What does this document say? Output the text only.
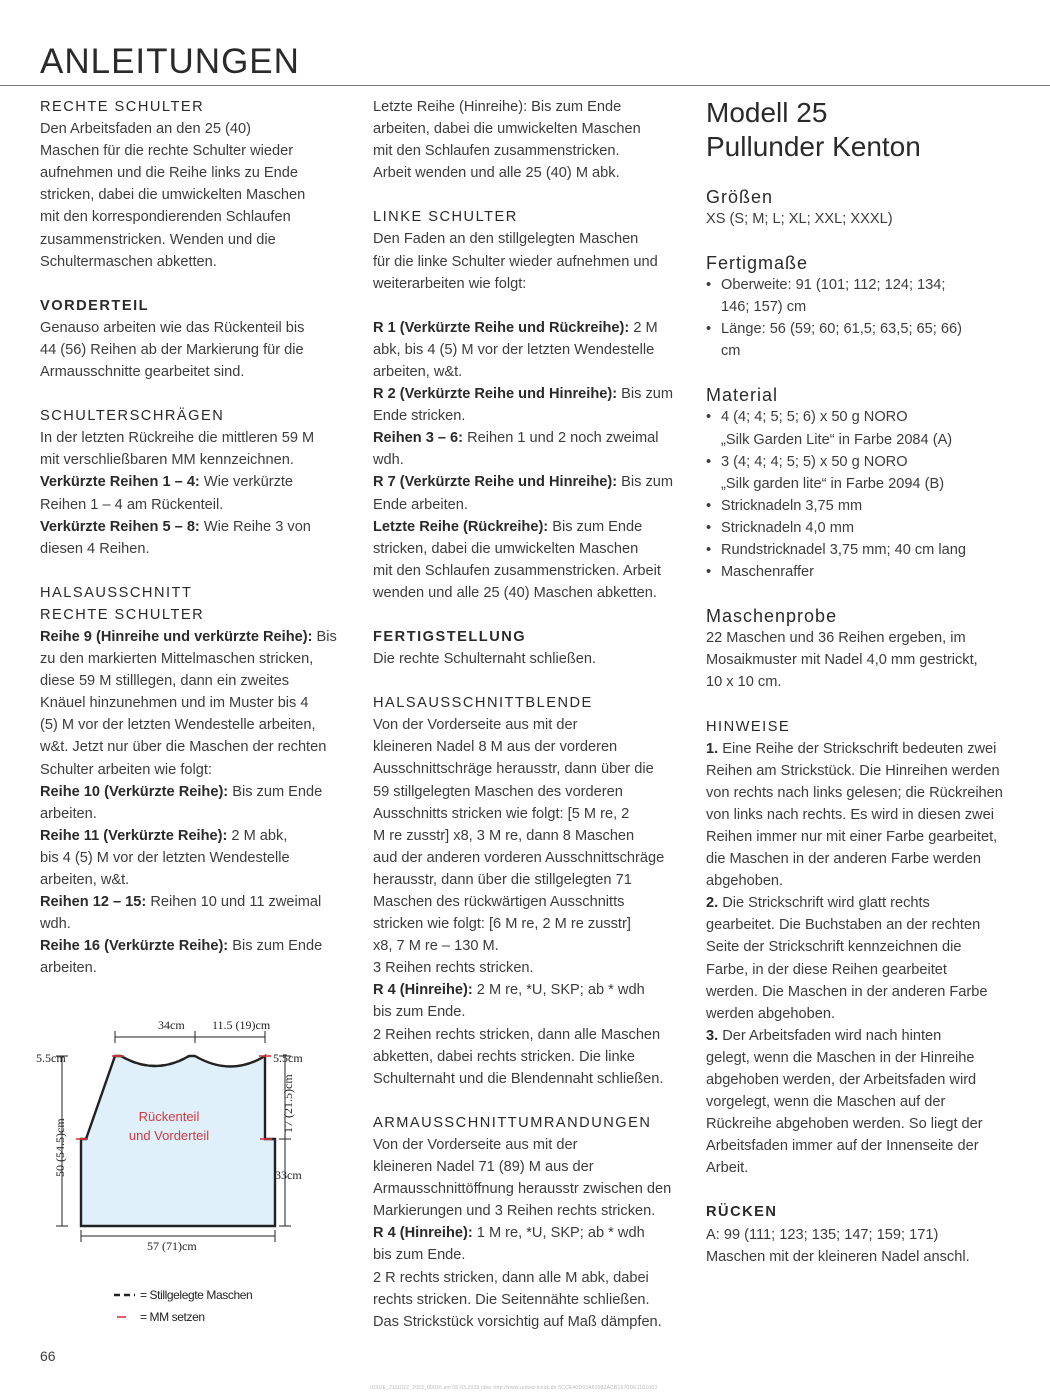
ANLEITUNGEN

RECHTE SCHULTER

Den Arbeitsfaden an den 25 (40)
Maschen für die rechte Schulter wieder
aufnehmen und die Reihe links zu Ende
stricken, dabei die umwickelten Maschen
mit den korrespondierenden Schlaufen
zusammenstricken. Wenden und die
Schultermaschen abketten.

VORDERTEIL

Genauso arbeiten wie das Rückenteil bis
44 (56) Reihen ab der Markierung für die
Armausschnitte gearbeitet sind.

SCHULTERSCHRÄGEN

In der letzten Rückreihe die mittleren 59 M
mit verschließbaren MM kennzeichnen.
Verkürzte Reihen 1 – 4: Wie verkürzte
Reihen 1 – 4 am Rückenteil.
Verkürzte Reihen 5 – 8: Wie Reihe 3 von
diesen 4 Reihen.

HALSAUSSCHNITT

RECHTE SCHULTER

Reihe 9 (Hinreihe und verkürzte Reihe): Bis
zu den markierten Mittelmaschen stricken,
diese 59 M stilllegen, dann ein zweites
Knäuel hinzunehmen und im Muster bis 4
(5) M vor der letzten Wendestelle arbeiten,
w&t. Jetzt nur über die Maschen der rechten
Schulter arbeiten wie folgt:
Reihe 10 (Verkürzte Reihe): Bis zum Ende
arbeiten.
Reihe 11 (Verkürzte Reihe): 2 M abk,
bis 4 (5) M vor der letzten Wendestelle
arbeiten, w&t.
Reihen 12 – 15: Reihen 10 und 11 zweimal
wdh.
Reihe 16 (Verkürzte Reihe): Bis zum Ende
arbeiten.

34cm 11.5 (19)cm
5.5cm	5.5cm
17 (21.5)cm
33cm
50 (54.5)cm
57 (71)cm
Rückenteil
und Vorderteil
= Stillgelegte Maschen
= MM setzen

Letzte Reihe (Hinreihe): Bis zum Ende
arbeiten, dabei die umwickelten Maschen
mit den Schlaufen zusammenstricken.
Arbeit wenden und alle 25 (40) M abk.

LINKE SCHULTER

Den Faden an den stillgelegten Maschen
für die linke Schulter wieder aufnehmen und
weiterarbeiten wie folgt:

R 1 (Verkürzte Reihe und Rückreihe): 2 M
abk, bis 4 (5) M vor der letzten Wendestelle
arbeiten, w&t.
R 2 (Verkürzte Reihe und Hinreihe): Bis zum
Ende stricken.
Reihen 3 – 6: Reihen 1 und 2 noch zweimal
wdh.
R 7 (Verkürzte Reihe und Hinreihe): Bis zum
Ende arbeiten.
Letzte Reihe (Rückreihe): Bis zum Ende
stricken, dabei die umwickelten Maschen
mit den Schlaufen zusammenstricken. Arbeit
wenden und alle 25 (40) Maschen abketten.

FERTIGSTELLUNG

Die rechte Schulternaht schließen.

HALSAUSSCHNITTBLENDE

Von der Vorderseite aus mit der
kleineren Nadel 8 M aus der vorderen
Ausschnittschräge herausstr, dann über die
59 stillgelegten Maschen des vorderen
Ausschnitts stricken wie folgt: [5 M re, 2
M re zusstr] x8, 3 M re, dann 8 Maschen
aud der anderen vorderen Ausschnittschräge
herausstr, dann über die stillgelegten 71
Maschen des rückwärtigen Ausschnitts
stricken wie folgt: [6 M re, 2 M re zusstr]
x8, 7 M re – 130 M.
3 Reihen rechts stricken.
R 4 (Hinreihe): 2 M re, *U, SKP; ab * wdh
bis zum Ende.
2 Reihen rechts stricken, dann alle Maschen
abketten, dabei rechts stricken. Die linke
Schulternaht und die Blendennaht schließen.

ARMAUSSCHNITTUMRANDUNGEN

Von der Vorderseite aus mit der
kleineren Nadel 71 (89) M aus der
Armausschnittöffnung herausstr zwischen den
Markierungen und 3 Reihen rechts stricken.
R 4 (Hinreihe): 1 M re, *U, SKP; ab * wdh
bis zum Ende.
2 R rechts stricken, dann alle M abk, dabei
rechts stricken. Die Seitennähte schließen.
Das Strickstück vorsichtig auf Maß dämpfen.

Modell 25
Pullunder Kenton

Größen

XS (S; M; L; XL; XXL; XXXL)

Fertigmaße

• Oberweite: 91 (101; 112; 124; 134;
146; 157) cm
• Länge: 56 (59; 60; 61,5; 63,5; 65; 66)
cm

Material

• 4 (4; 4; 5; 5; 6) x 50 g NORO
„Silk Garden Lite“ in Farbe 2084 (A)
• 3 (4; 4; 4; 5; 5) x 50 g NORO
„Silk garden lite“ in Farbe 2094 (B)
• Stricknadeln 3,75 mm
• Stricknadeln 4,0 mm
• Rundstricknadel 3,75 mm; 40 cm lang
• Maschenraffer

Maschenprobe

22 Maschen und 36 Reihen ergeben, im
Mosaikmuster mit Nadel 4,0 mm gestrickt,
10 x 10 cm.

HINWEISE

1. Eine Reihe der Strickschrift bedeuten zwei
Reihen am Strickstück. Die Hinreihen werden
von rechts nach links gelesen; die Rückreihen
von links nach rechts. Es wird in diesen zwei
Reihen immer nur mit einer Farbe gearbeitet,
die Maschen in der anderen Farbe werden
abgehoben.
2. Die Strickschrift wird glatt rechts
gearbeitet. Die Buchstaben an der rechten
Seite der Strickschrift kennzeichnen die
Farbe, in der diese Reihen gearbeitet
werden. Die Maschen in der anderen Farbe
werden abgehoben.
3. Der Arbeitsfaden wird nach hinten
gelegt, wenn die Maschen in der Hinreihe
abgehoben werden, der Arbeitsfaden wird
vorgelegt, wenn die Maschen auf der
Rückreihe abgehoben werden. So liegt der
Arbeitsfaden immer auf der Innenseite der
Arbeit.

RÜCKEN

A: 99 (111; 123; 135; 147; 159; 171)
Maschen mit der kleineren Nadel anschl.

66
ISSUE_2111022_2023_00016 am 06.03.2023 über http://www.united-kiosk.de 6CCE40D93A62082ACB1670DE1101063
